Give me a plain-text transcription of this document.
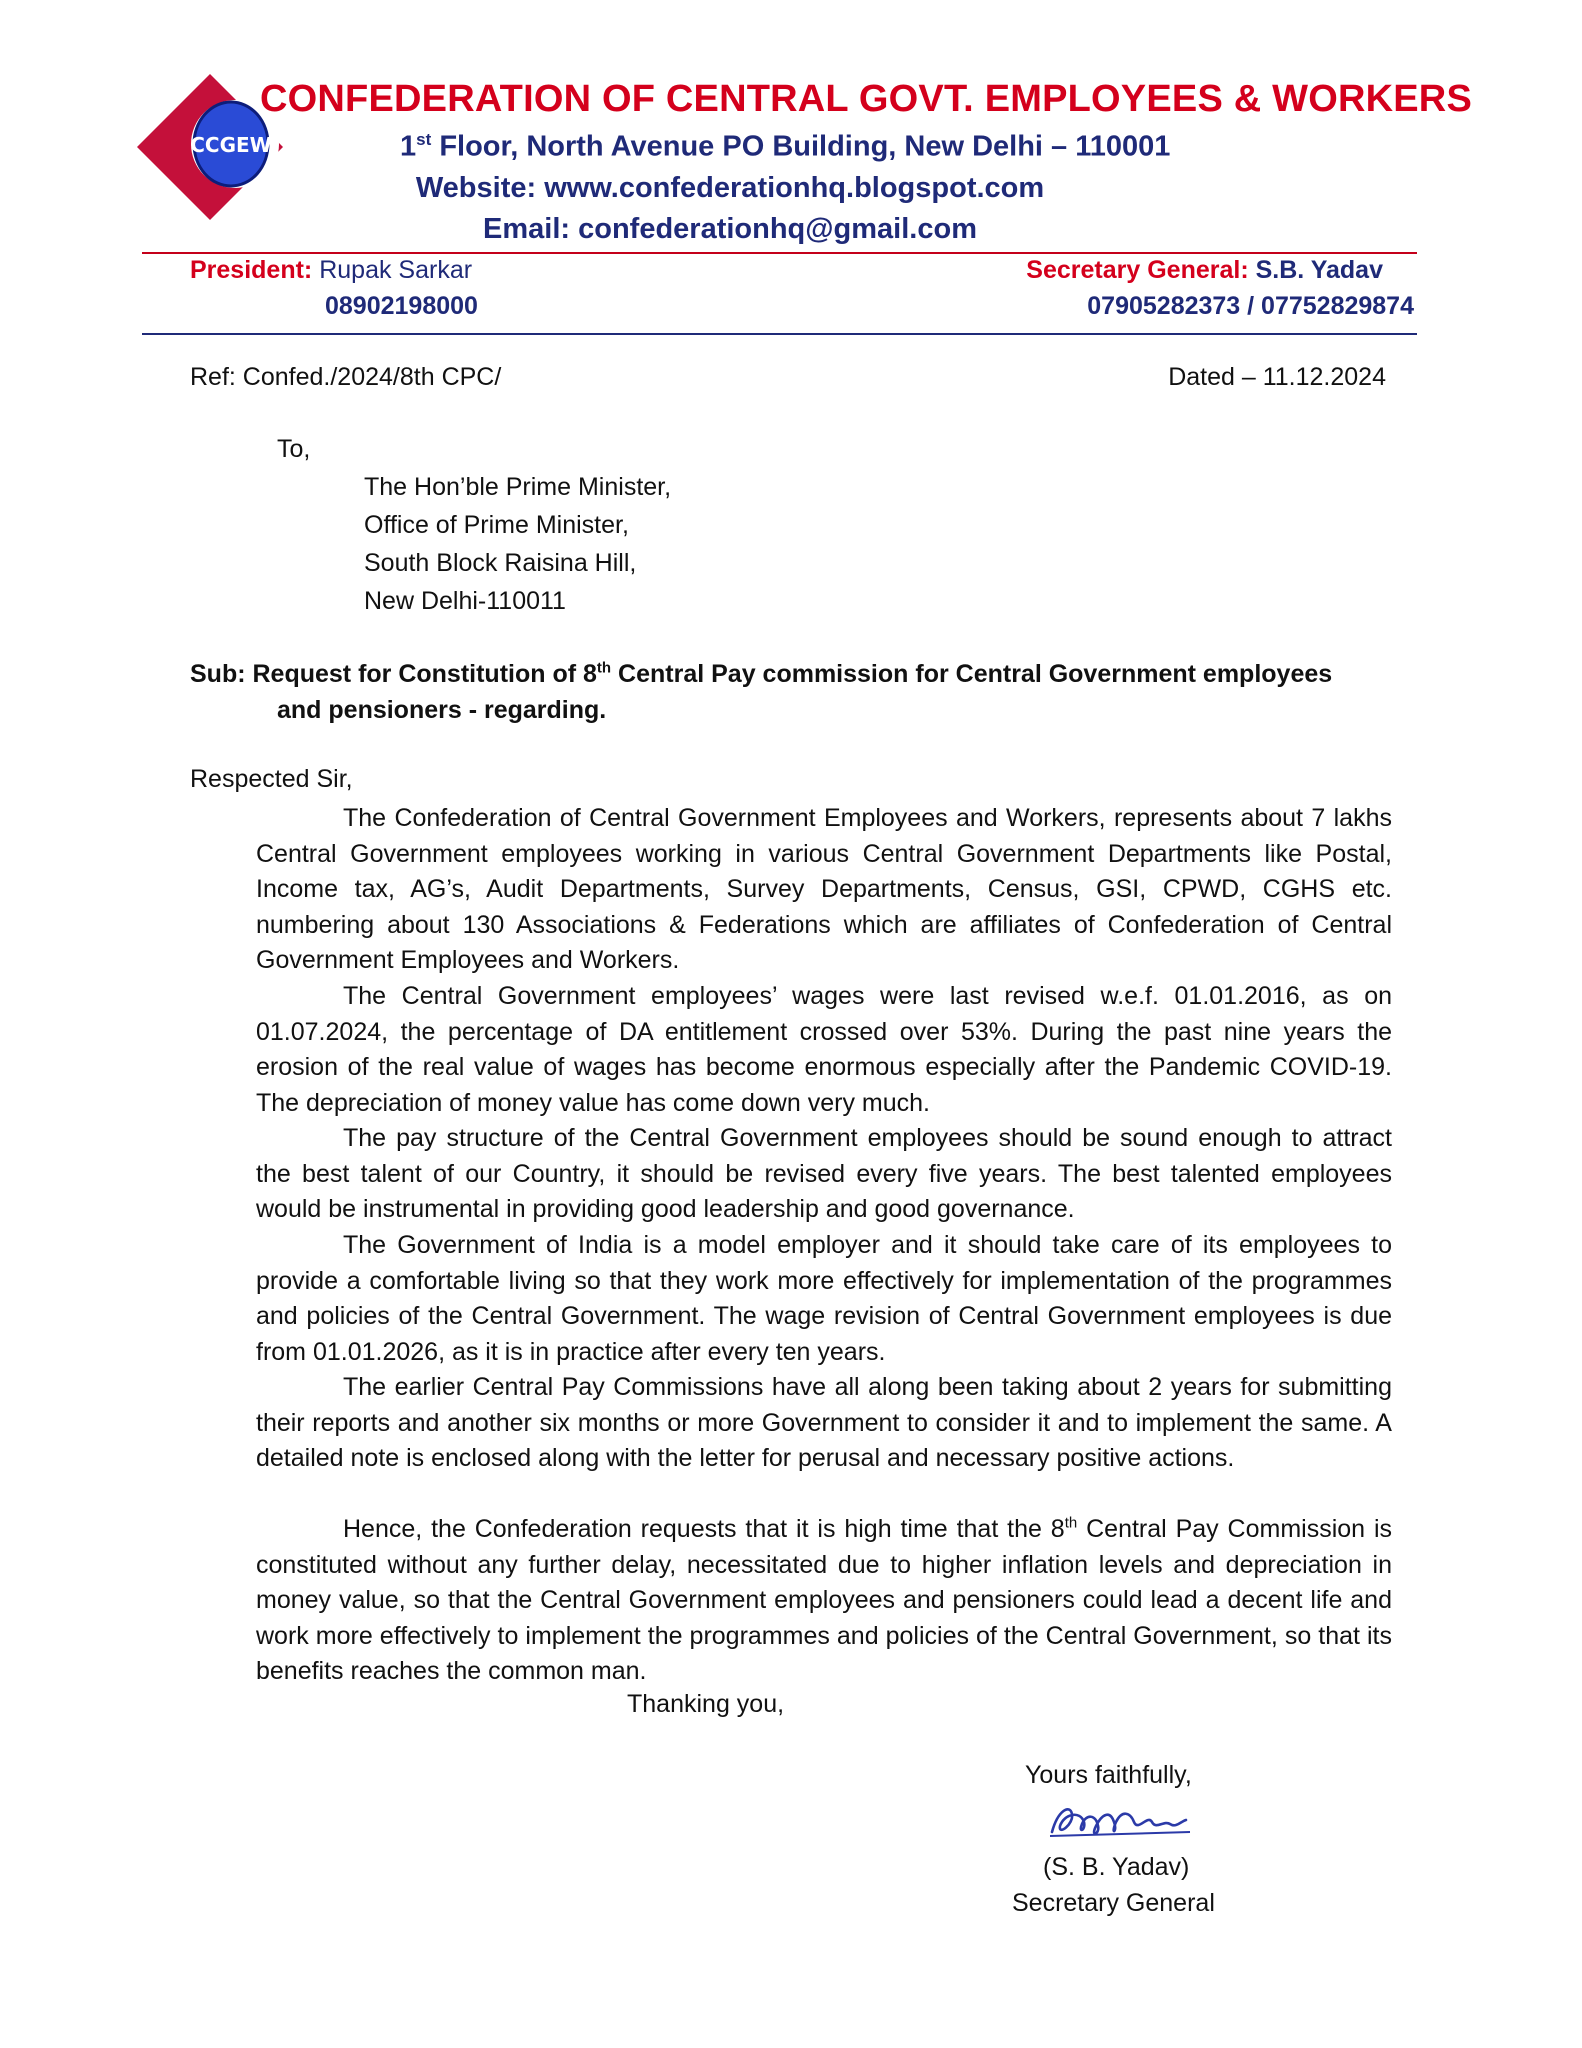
CCGEW
CONFEDERATION OF CENTRAL GOVT. EMPLOYEES & WORKERS
1st Floor, North Avenue PO Building, New Delhi – 110001
Website: www.confederationhq.blogspot.com
Email: confederationhq@gmail.com
President: Rupak Sarkar
08902198000
Secretary General: S.B. Yadav
07905282373 / 07752829874
Ref: Confed./2024/8th CPC/	Dated – 11.12.2024
To,
The Hon’ble Prime Minister,
Office of Prime Minister,
South Block Raisina Hill,
New Delhi-110011
Sub: Request for Constitution of 8th Central Pay commission for Central Government employees
and pensioners - regarding.
Respected Sir,
The Confederation of Central Government Employees and Workers, represents about 7 lakhs Central Government employees working in various Central Government Departments like Postal, Income tax, AG’s, Audit Departments, Survey Departments, Census, GSI, CPWD, CGHS etc. numbering about 130 Associations & Federations which are affiliates of Confederation of Central Government Employees and Workers.
The Central Government employees’ wages were last revised w.e.f. 01.01.2016, as on 01.07.2024, the percentage of DA entitlement crossed over 53%. During the past nine years the erosion of the real value of wages has become enormous especially after the Pandemic COVID-19. The depreciation of money value has come down very much.
The pay structure of the Central Government employees should be sound enough to attract the best talent of our Country, it should be revised every five years. The best talented employees would be instrumental in providing good leadership and good governance.
The Government of India is a model employer and it should take care of its employees to provide a comfortable living so that they work more effectively for implementation of the programmes and policies of the Central Government. The wage revision of Central Government employees is due from 01.01.2026, as it is in practice after every ten years.
The earlier Central Pay Commissions have all along been taking about 2 years for submitting their reports and another six months or more Government to consider it and to implement the same. A detailed note is enclosed along with the letter for perusal and necessary positive actions.
Hence, the Confederation requests that it is high time that the 8th Central Pay Commission is constituted without any further delay, necessitated due to higher inflation levels and depreciation in money value, so that the Central Government employees and pensioners could lead a decent life and work more effectively to implement the programmes and policies of the Central Government, so that its benefits reaches the common man.
Thanking you,
Yours faithfully,
(S. B. Yadav)
Secretary General
